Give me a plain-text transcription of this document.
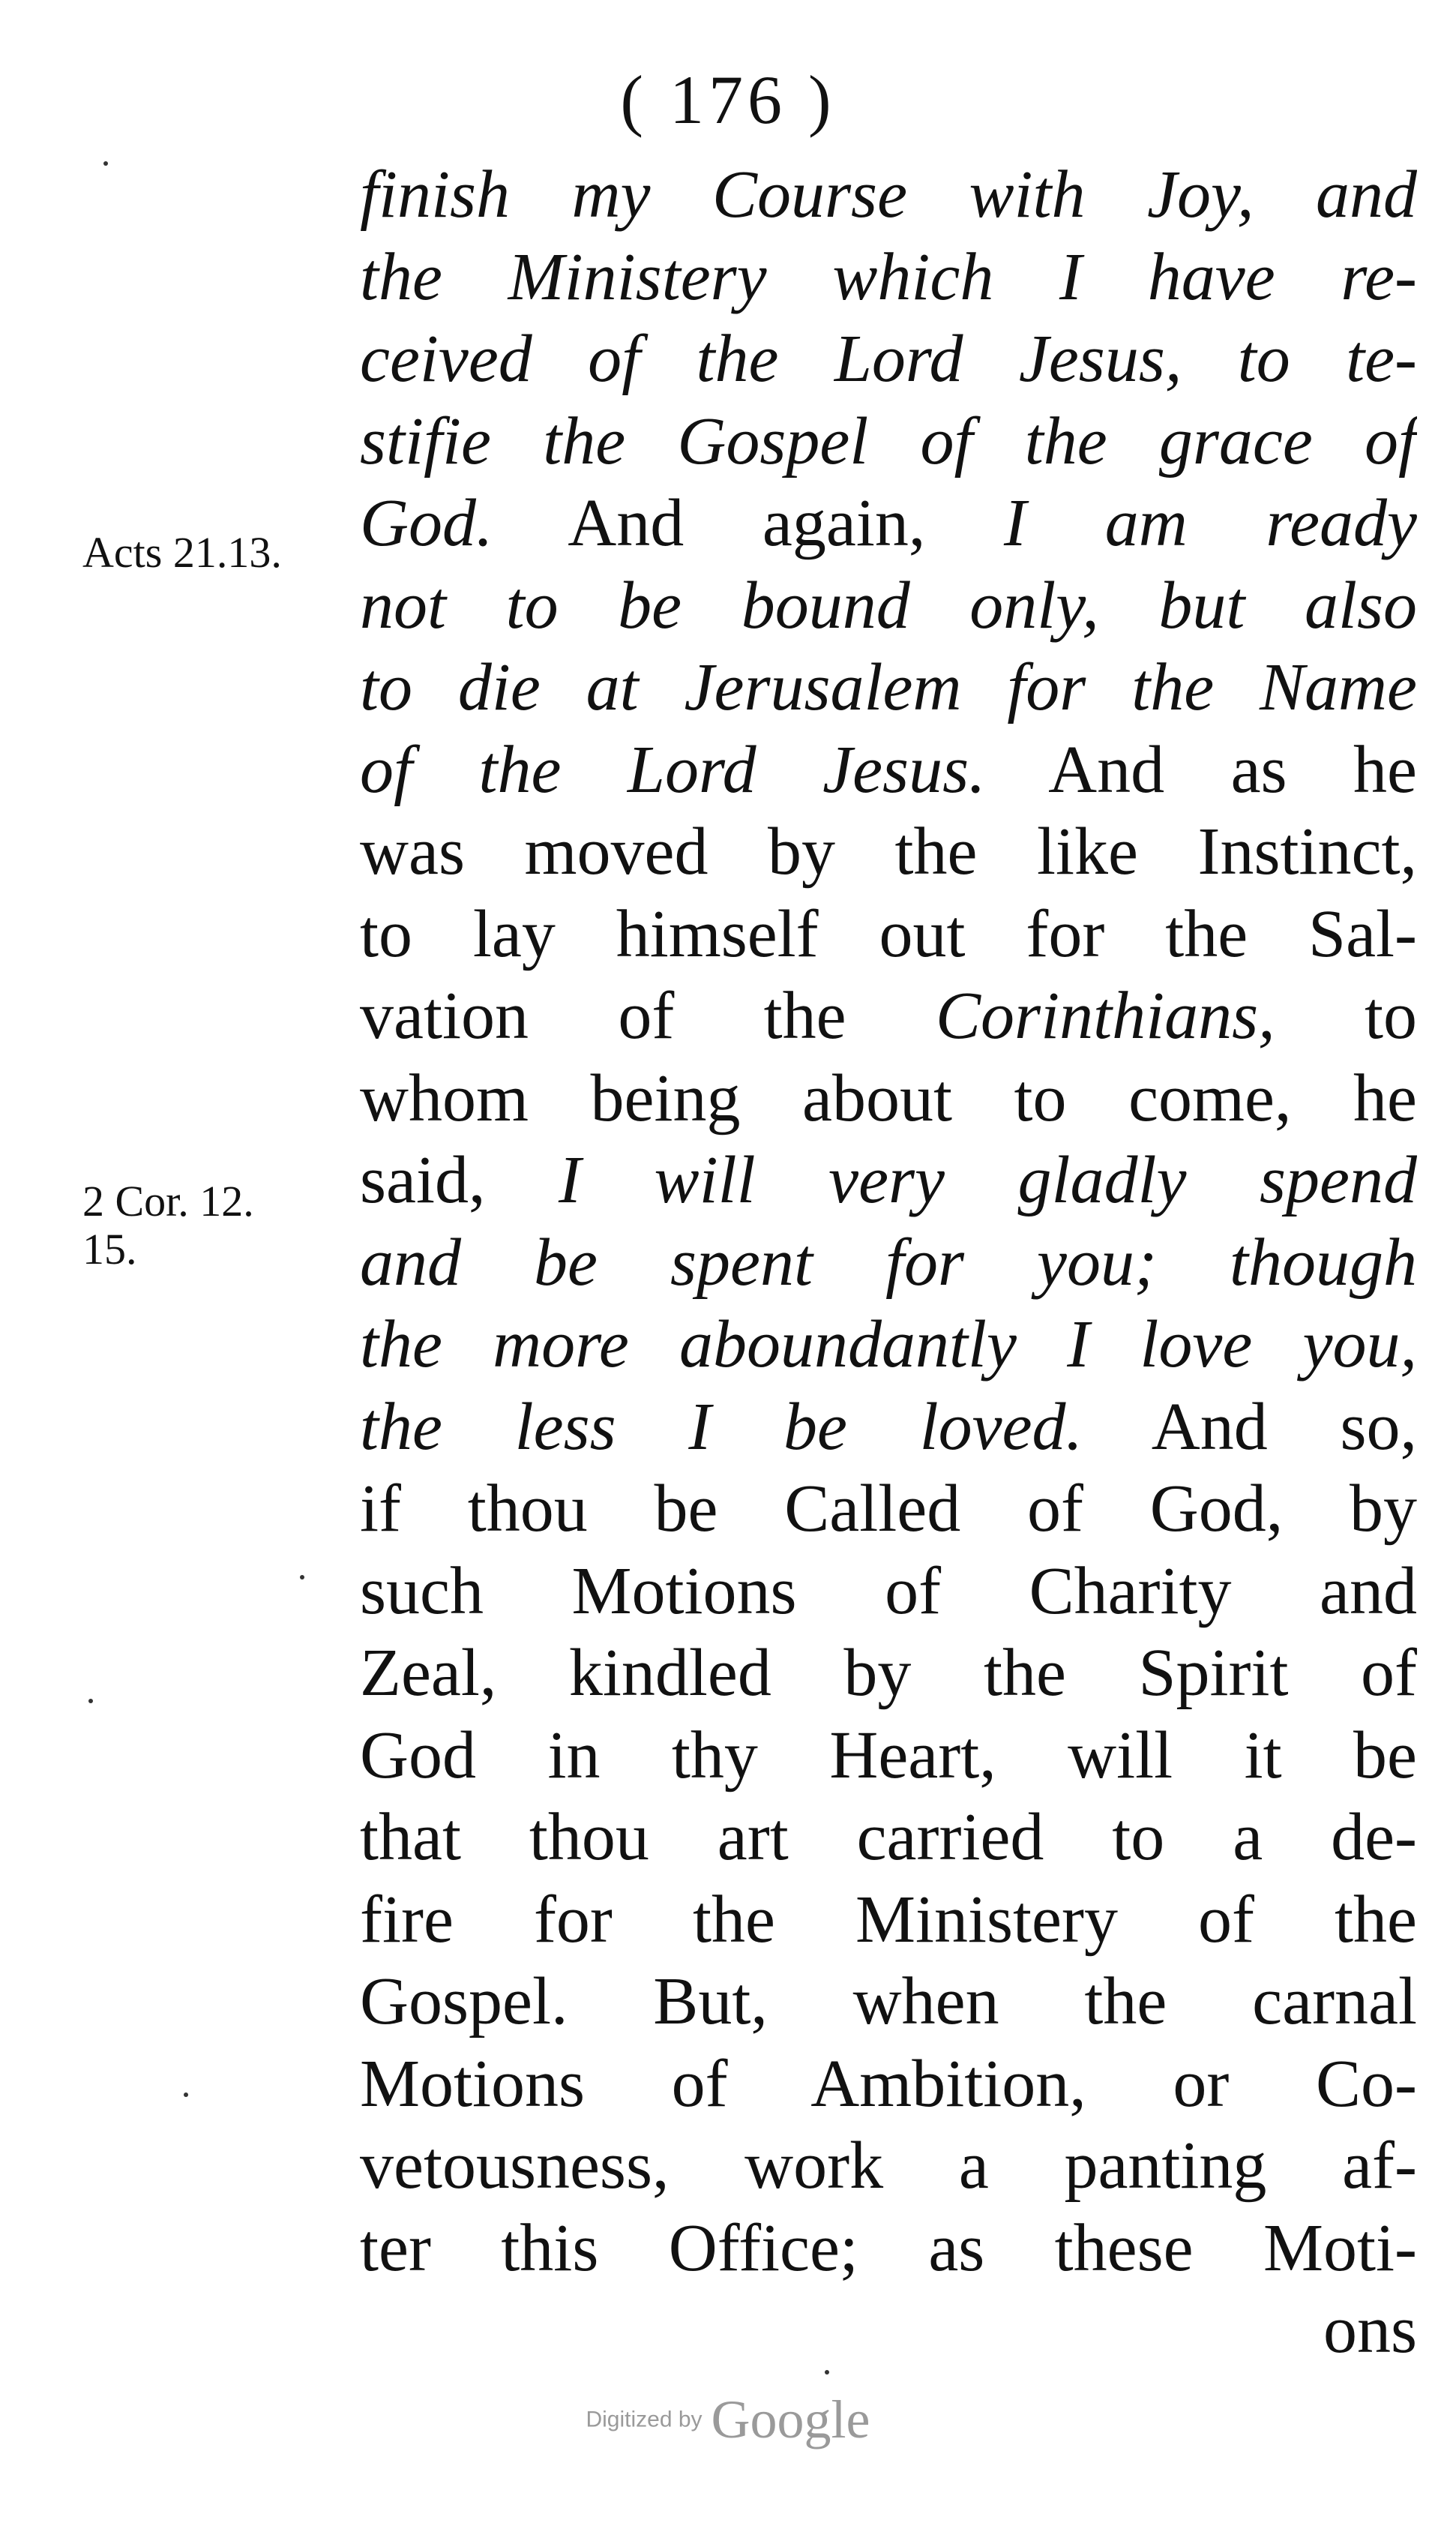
( 176 )
Acts 21.13.
2 Cor. 12.
15.
finish my Course with Joy, and
the Ministery which I have re-
ceived of the Lord Jesus, to te-
stifie the Gospel of the grace of
God. And again, I am ready
not to be bound only, but also
to die at Jerusalem for the Name
of the Lord Jesus. And as he
was moved by the like Instinct,
to lay himself out for the Sal-
vation of the Corinthians, to
whom being about to come, he
said, I will very gladly spend
and be spent for you; though
the more aboundantly I love you,
the less I be loved. And so,
if thou be Called of God, by
such Motions of Charity and
Zeal, kindled by the Spirit of
God in thy Heart, will it be
that thou art carried to a de-
fire for the Ministery of the
Gospel. But, when the carnal
Motions of Ambition, or Co-
vetousness, work a panting af-
ter this Office; as these Moti-
ons
Digitized by Google
